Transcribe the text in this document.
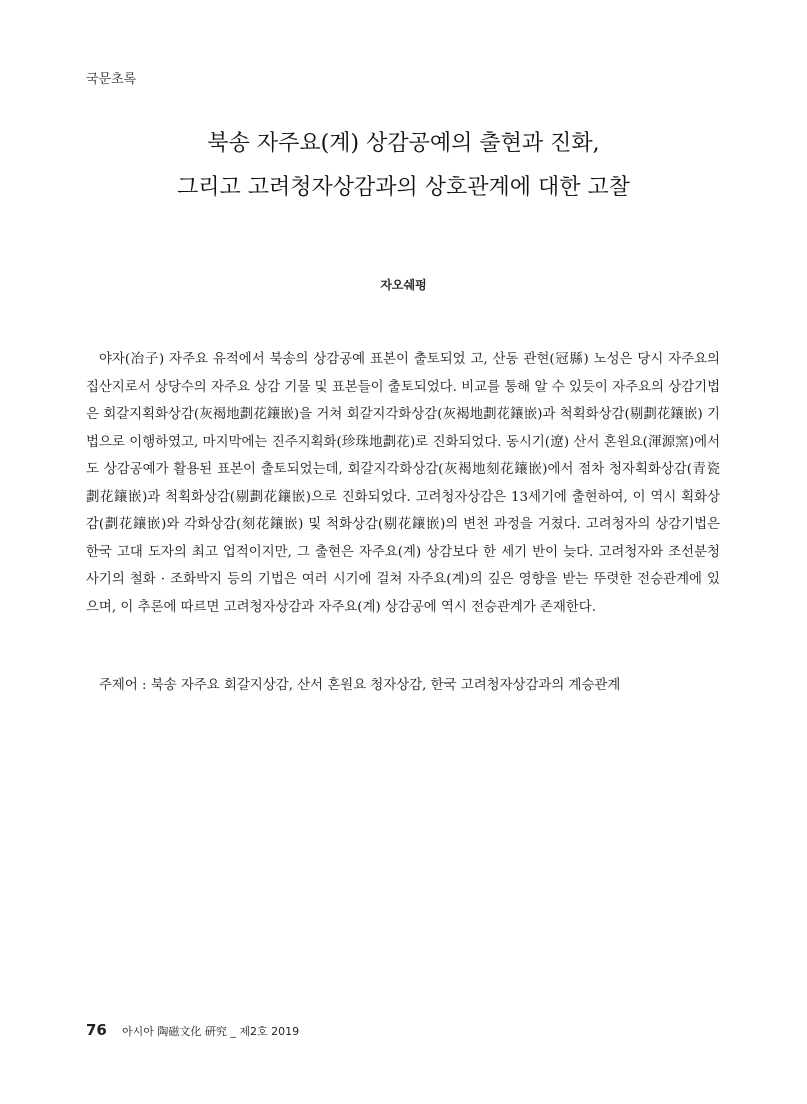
국문초록
북송 자주요(계) 상감공예의 출현과 진화,
그리고 고려청자상감과의 상호관계에 대한 고찰
자오쉐펑

야자(冶子) 자주요 유적에서 북송의 상감공예 표본이 출토되었 고, 산동 관현(冠縣) 노성은 당시 자주요의 집산지로서 상당수의 자주요 상감 기물 및 표본들이 출토되었다. 비교를 통해 알 수 있듯이 자주요의 상감기법은 회갈지획화상감(灰褐地劃花鑲嵌)을 거쳐 회갈지각화상감(灰褐地劃花鑲嵌)과 척획화상감(剔劃花鑲嵌) 기법으로 이행하였고, 마지막에는 진주지획화(珍珠地劃花)로 진화되었다. 동시기(遼) 산서 혼원요(渾源窯)에서도 상감공예가 활용된 표본이 출토되었는데, 회갈지각화상감(灰褐地刻花鑲嵌)에서 점차 청자획화상감(青瓷劃花鑲嵌)과 척획화상감(剔劃花鑲嵌)으로 진화되었다. 고려청자상감은 13세기에 출현하여, 이 역시 획화상감(劃花鑲嵌)와 각화상감(刻花鑲嵌) 및 척화상감(剔花鑲嵌)의 변천 과정을 거쳤다. 고려청자의 상감기법은 한국 고대 도자의 최고 업적이지만, 그 출현은 자주요(계) 상감보다 한 세기 반이 늦다. 고려청자와 조선분청사기의 철화 · 조화박지 등의 기법은 여러 시기에 걸쳐 자주요(계)의 깊은 영향을 받는 뚜렷한 전승관계에 있으며, 이 추론에 따르면 고려청자상감과 자주요(계) 상감공에 역시 전승관계가 존재한다.

주제어 : 북송 자주요 회갈지상감, 산서 혼원요 청자상감, 한국 고려청자상감과의 계승관계
76 아시아 陶磁文化 硏究 _ 제2호 2019
